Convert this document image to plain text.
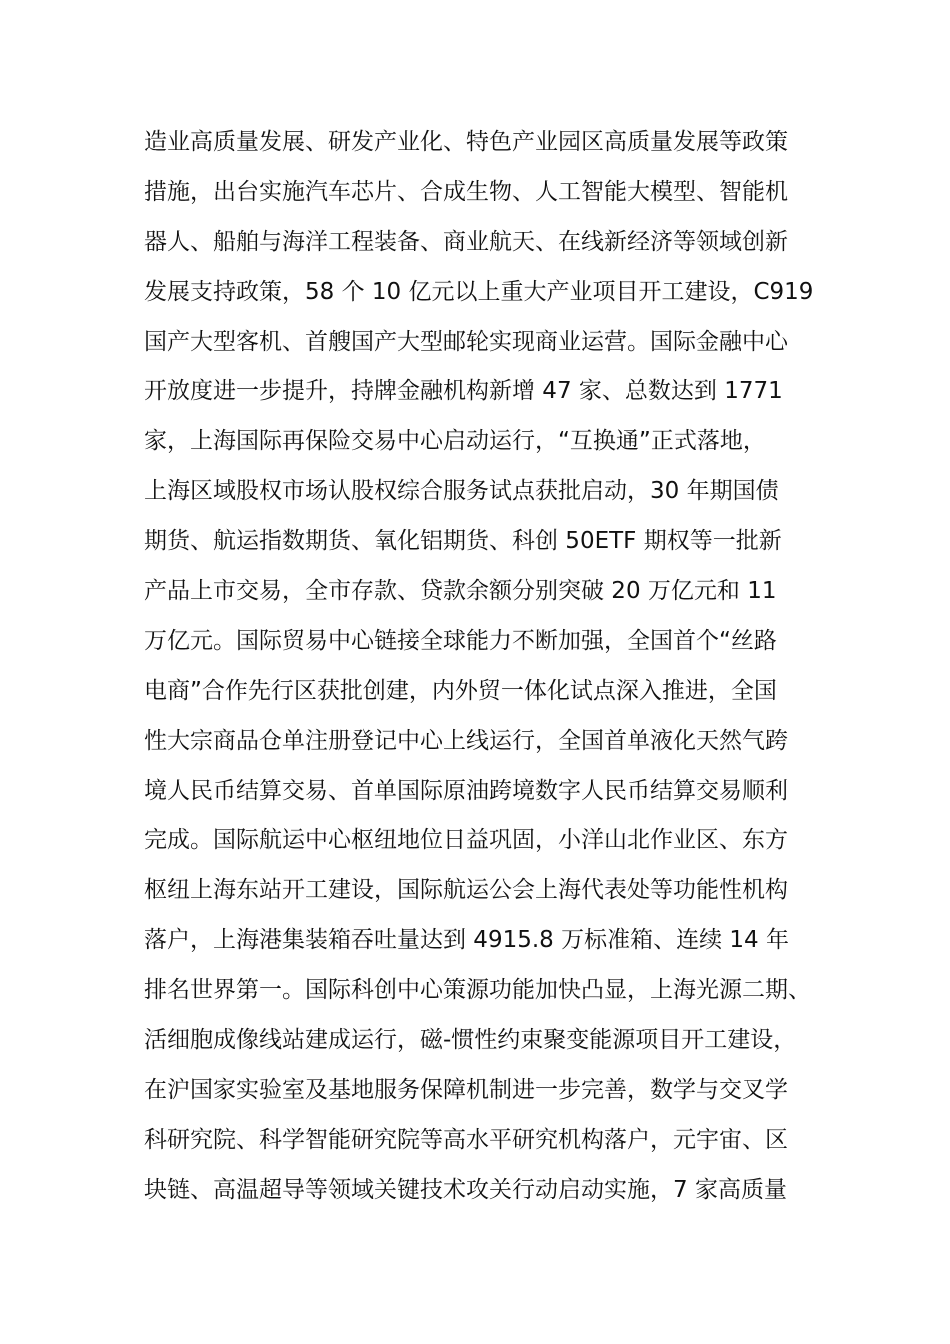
造业高质量发展、研发产业化、特色产业园区高质量发展等政策
措施，出台实施汽车芯片、合成生物、人工智能大模型、智能机
器人、船舶与海洋工程装备、商业航天、在线新经济等领域创新
发展支持政策，58 个 10 亿元以上重大产业项目开工建设，C919
国产大型客机、首艘国产大型邮轮实现商业运营。国际金融中心
开放度进一步提升，持牌金融机构新增 47 家、总数达到 1771
家，上海国际再保险交易中心启动运行，“互换通”正式落地，
上海区域股权市场认股权综合服务试点获批启动，30 年期国债
期货、航运指数期货、氧化铝期货、科创 50ETF 期权等一批新
产品上市交易，全市存款、贷款余额分别突破 20 万亿元和 11
万亿元。国际贸易中心链接全球能力不断加强，全国首个“丝路
电商”合作先行区获批创建，内外贸一体化试点深入推进，全国
性大宗商品仓单注册登记中心上线运行，全国首单液化天然气跨
境人民币结算交易、首单国际原油跨境数字人民币结算交易顺利
完成。国际航运中心枢纽地位日益巩固，小洋山北作业区、东方
枢纽上海东站开工建设，国际航运公会上海代表处等功能性机构
落户，上海港集装箱吞吐量达到 4915.8 万标准箱、连续 14 年
排名世界第一。国际科创中心策源功能加快凸显，上海光源二期、
活细胞成像线站建成运行，磁-惯性约束聚变能源项目开工建设，
在沪国家实验室及基地服务保障机制进一步完善，数学与交叉学
科研究院、科学智能研究院等高水平研究机构落户，元宇宙、区
块链、高温超导等领域关键技术攻关行动启动实施，7 家高质量
